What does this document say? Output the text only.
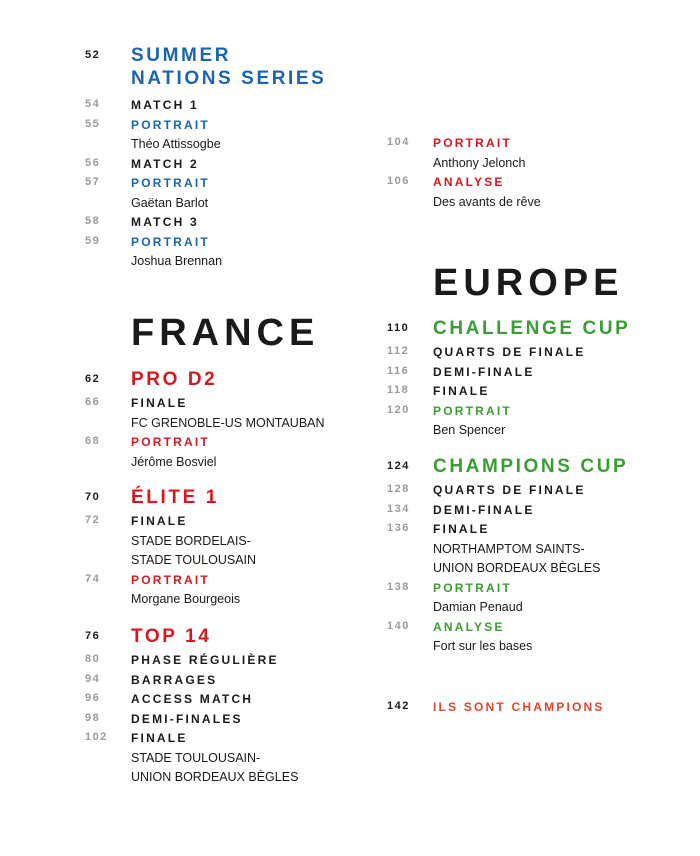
52 SUMMER
NATIONS SERIES
54	MATCH 1
55	PORTRAIT
Théo Attissogbe
56	MATCH 2
57	PORTRAIT
Gaëtan Barlot
58	MATCH 3
59	PORTRAIT
Joshua Brennan
FRANCE
62 PRO D2
66	FINALE
FC GRENOBLE-US MONTAUBAN
68	PORTRAIT
Jérôme Bosviel
70 ÉLITE 1
72	FINALE
STADE BORDELAIS-
STADE TOULOUSAIN
74	PORTRAIT
Morgane Bourgeois
76 TOP 14
80	PHASE RÉGULIÈRE
94	BARRAGES
96	ACCESS MATCH
98	DEMI-FINALES
102 FINALE
STADE TOULOUSAIN-
UNION BORDEAUX BÈGLES
104 PORTRAIT
Anthony Jelonch
106 ANALYSE
Des avants de rêve
EUROPE
110 CHALLENGE CUP
112 QUARTS DE FINALE
116 DEMI-FINALE
118 FINALE
120 PORTRAIT
Ben Spencer
124 CHAMPIONS CUP
128 QUARTS DE FINALE
134 DEMI-FINALE
136 FINALE
NORTHAMPTOM SAINTS-
UNION BORDEAUX BÈGLES
138 PORTRAIT
Damian Penaud
140 ANALYSE
Fort sur les bases
142 ILS SONT CHAMPIONS
